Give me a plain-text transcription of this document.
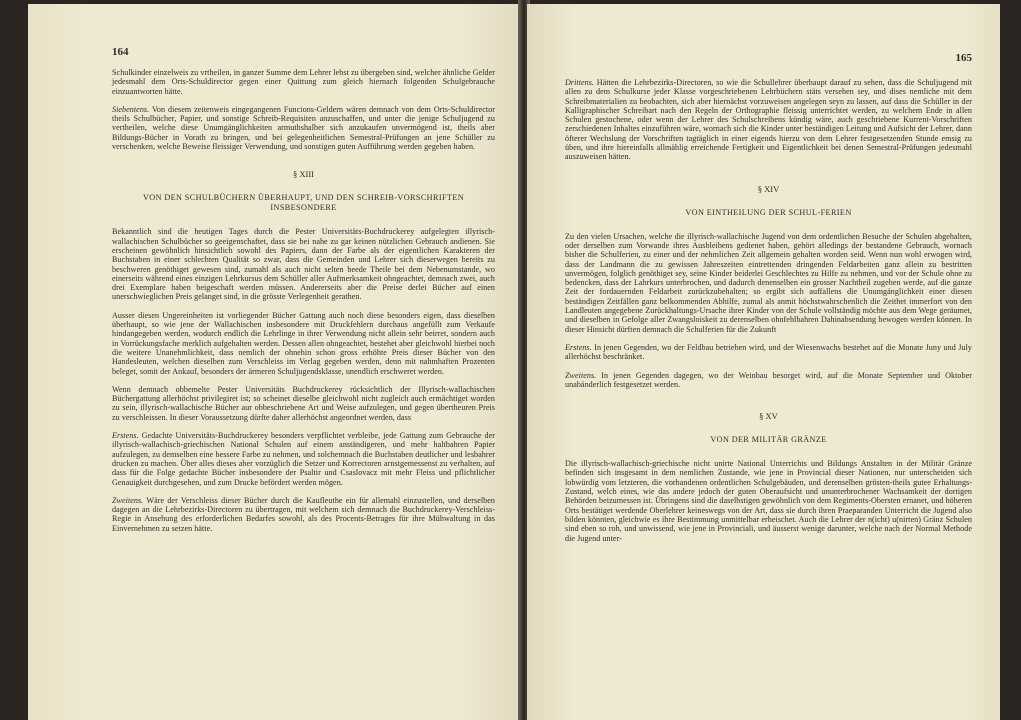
164

Schulkinder einzelweis zu vrtheilen, in ganzer Summe dem Lehrer lebst zu übergeben sind, welcher ähnliche Gelder jedesmahl dem Orts-Schuldirector gegen einer Quittung zum gleich hiernach folgenden Schulgebrauche einzuantworten hätte.

Siebentens. Von diesem zeitenweis eingegangenen Funcions-Geldern wären demnach von dem Orts-Schuldirector theils Schulbücher, Papier, und sonstige Schreib-Requisiten anzuschaffen, und unter die jenige Schuljugend zu vertheilen, welche diese Unumgänglichkeiten armuthshalber sich anzukaufen unvermögend ist, theils aber Bildungs-Bücher in Vorath zu bringen, und bei gelegenheitlichen Semestral-Prüfungen an jene Schüller zu verschenken, welche Beweise fleissiger Verwendung, und sonstigen guten Aufführung werden gegeben haben.

§ XIII
VON DEN SCHULBÜCHERN ÜBERHAUPT, UND DEN SCHREIB-VORSCHRIFTEN INSBESONDERE

Bekanntlich sind die heutigen Tages durch die Pester Universitäts-Buchdruckerey aufgelegten illyrisch-wallachischen Schulbücher so geeigenschaftet, dass sie bei nahe zu gar keinen nützlichen Gebrauch andienen. Sie erscheinen gewöhnlich hinsichtlich sowohl des Papiers, dann der Farbe als der eigentlichen Karakteren der Buchstaben in einer schlechten Qualität so zwar, dass die Gemeinden und Lehrer sich dieserwegen bereits zu beschweren genöthiget gewesen sind, zumahl als auch nicht selten beede Theile bei dem Nebenumstande, wo einerseits während eines einzigen Lehrkursus dem Schüller aller Aufmerksamkeit ohngeachtet, demnach zwei, auch drei Exemplare haben beigeschaft werden müssen. Andererseits aber die Preise derlei Bücher auf einen unerschwieglichen Preis gelanget sind, in die grösste Verlegenheit gerathen.

Ausser diesen Ungereinheiten ist vorliegender Bücher Gattung auch noch diese besonders eigen, dass dieselben überhaupt, so wie jene der Wallachischen insbesondere mit Druckfehlern durchaus angefüllt zum Verkaufe hindangegeben werden, wodurch endlich die Lehrlinge in ihrer Verwendung nicht allein sehr beirret, sondern auch in Vorrückungsfache merklich aufgehalten werden. Dessen allen ohngeachtet, bestehet aber gleichwohl hierbei noch die weitere Unanehmlichkeit, dass nemlich der ohnehin schon gross erhöhte Preis dieser Bücher von den Handesleuten, welchen dieselben zum Verschleiss im Verlag gegeben werden, denn mit nahmhaften Prozenten beleget, somit der Ankauf, besonders der ärmeren Schuljugendsklasse, unendlich erschweret werden.

Wenn demnach obbemelte Pester Universitäts Buchdruckerey rücksichtlich der Illyrisch-wallachischen Büchergattung allerhöchst privilegiret ist; so scheinet dieselbe gleichwohl nicht zugleich auch ermächtiget worden zu sein, illyrisch-wallachische Bücher aur obbeschriebene Art und Weise aufzulegen, und gegen übertheuren Preis zu verschleissen. In dieser Voraussetzung dürfte daher allerhöchst angeordnet werden, dass

Erstens. Gedachte Universitäts-Buchdruckerey besonders verpflichtet verbleibe, jede Gattung zum Gebrauche der illyrisch-wallachisch-griechischen National Schulen auf einem anständigeren, und mehr haltbahren Papier aufzulegen, zu demselben eine bessere Farbe zu nehmen, und solchemnach die Buchstaben deutlicher und lesbahrer drucken zu machen. Über alles dieses aber vorzüglich die Setzer und Korrectoren arnstgemessenst zu verhalten, auf dass für die Folge gedachte Bücher insbesondere der Psaltir und Csaslovacz mit mehr Fleiss und pflichtlicher Genauigkeit durchgesehen, und zum Drucke befördert werden mögen.

Zweitens. Wäre der Verschleiss dieser Bücher durch die Kaufleuthe ein für allemahl einzustellen, und derselben dagegen an die Lehrbezirks-Directoren zu übertragen, mit welchem sich demnach die Buchdruckerey-Verschleiss-Regie in Ansehung des erforderlichen Bedarfes sowohl, als des Procents-Betrages für ihre Mühwaltung in das Einvernehmen zu setzen hätte.

165

Drittens. Hätten die Lehrbezirks-Directoren, so wie die Schullehrer überhaupt darauf zu sehen, dass die Schuljugend mit allen zu dem Schulkurse jeder Klasse vorgeschriebenen Lehrbüchern stäts versehen sey, und dises nemliche mit dem Schreibmaterialien zu beobachten, sich aber hiernächst vorzuweisen angelegen seyn zu lassen, auf dass die Schüller in der Kalligraphischer Schreibart nach den Regeln der Orthographie fleissig unterrichtet werden, zu welchem Ende in allen Schulen gestochene, oder wenn der Lehrer des Schulschreibens kündig wäre, auch geschriebene Kurrent-Vorschriften zerschiedenen Inhaltes einzuführen wäre, wornach sich die Kinder unter beständigen Leitung und Aufsicht der Lehrer, dann öfterer Wechslung der Vorschriften tagtäglich in einer eigends hierzu von dem Lehrer festgesetzenden Stunde emsig zu üben, und ihre hiereinfalls allmählig erreichende Fertigkeit und Eigentlichkeit bei denen Semestral-Prüfungen jedesmahl auszuweisen hätten.

§ XIV
VON EINTHEILUNG DER SCHUL-FERIEN

Zu den vielen Ursachen, welche die illyrisch-wallachische Jugend von dem ordentlichen Besuche der Schulen abgehalten, oder derselben zum Vorwande ihres Ausbleibens gedienet haben, gehört alledings der bestandene Gebrauch, wornach bisher die Schulferien, zu einer und der nehmlichen Zeit allgemein gehalten worden seid. Wenn nun wohl erwogen wird, dass der Landmann die zu gewissen Jahreszeiten eintrettenden dringenden Feldarbeiten ganz allein zu bestritten unvermögen, folglich genöthiget sey, seine Kinder beiderlei Geschlechtes zu Hilfe zu nehmen, und vor der Schule ohne zu bedencken, dass der Lahrkurs unterbrochen, und dadurch denenselben ein grosser Nachtheil zugehen werde, auf die ganze Zeit der fordauernden Feldarbeit zurückzubehalten; so ergibt sich auffallens die Unumgänglichkeit einer diesen beständigen Zeitfällen ganz belkommenden Abhilfe, zumal als anmit höchstwahrschenlich die Zeithet immerfort von den Landleuten angegebene Zurückhaltungs-Ursache ihrer Kinder von der Schule vollständig möchte aus dem Wege geräumet, und dieselben in Gefolge aller Zwangsloiskeit zu derenselben ohnfehlbahren Dahinabsendung bewogen werden können. In dieser Hinsicht dürften demnach die Schulferien für die Zukunft

Erstens. In jenen Gegenden, wo der Feldbau betrieben wird, und der Wiesenwachs bestehet auf die Monate Juny und July allerhöchst beschränket.

Zweitens. In jenen Gegenden dagegen, wo der Weinbau besorget wird, auf die Monate September und Oktober unabänderlich festgesetzet werden.

§ XV
VON DER MILITÄR GRÄNZE

Die illyrisch-wallachisch-griechische nicht unirte National Unterrichts und Bildungs Anstalten in der Militär Gränze befinden sich insgesamt in dem nemlichen Zustande, wie jene in Provincial dieser Nationen, nur unterscheiden sich lobwürdig vom letzteren, die vorhandenen ordentlichen Schulgebäuden, und derenselben grösten-theils gutee Erhaltungs-Zustand, welch eines, wie das andere jedoch der guten Oberaufsicht und ununterbrochener Wachsamkeit der dortigen Behörden beizumessen ist. Übringens sind die daselbstigen gewöhnlich von dem Regiments-Obersten ernanet, und höheren Orts bestätiget werdende Oberlehrer keineswegs von der Art, dass sie durch ihren Praeparanden Unterricht die Jugend also bilden könnten, gleichwie es ihre Bestimmung unmittelbar erheischet. Auch die Lehrer der n(icht) u(nirten) Gränz Schulen sind eben so roh, und unwissend, wie jene in Provinciali, und äusserst wenige darunter, welche nach der Normal Methode die Jugend unter-
